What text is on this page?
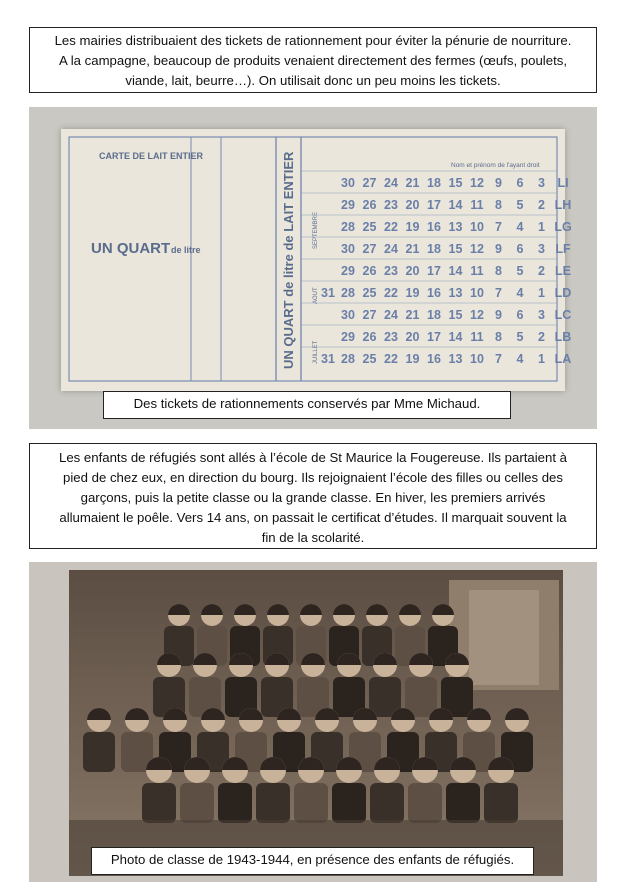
Les mairies distribuaient des tickets de rationnement pour éviter la pénurie de nourriture.
A la campagne, beaucoup de produits venaient directement des fermes (œufs, poulets,
viande, lait, beurre…). On utilisait donc un peu moins les tickets.
CARTE DE LAIT ENTIER
UN QUART de litre
Nom et prénom de l'ayant droit
UN QUART de litre de LAIT ENTIER	SEPTEMBRE
AOUT
JUILLET
30 27 24 21 18 15 12 9 6 3 LI
29 26 23 20 17 14 11 8 5 2 LH
28 25 22 19 16 13 10 7 4 1 LG
30 27 24 21 18 15 12 9 6 3 LF
29 26 23 20 17 14 11 8 5 2 LE
28 25 22 19 16 13 10 7 4 1 LD
31
30 27 24 21 18 15 12 9 6 3 LC
29 26 23 20 17 14 11 8 5 2 LB
28 25 22 19 16 13 10 7 4 1 LA
31
Des tickets de rationnements conservés par Mme Michaud.
Les enfants de réfugiés sont allés à l’école de St Maurice la Fougereuse. Ils partaient à
pied de chez eux, en direction du bourg. Ils rejoignaient l’école des filles ou celles des
garçons, puis la petite classe ou la grande classe. En hiver, les premiers arrivés
allumaient le poêle. Vers 14 ans, on passait le certificat d’études. Il marquait souvent la
fin de la scolarité.
Photo de classe de 1943-1944, en présence des enfants de réfugiés.
